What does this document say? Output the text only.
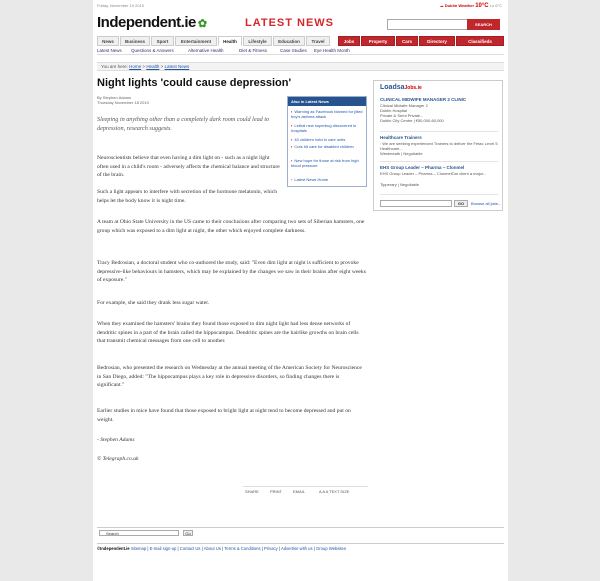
Friday, November 19 2010	☁ Dublin Weather 10°C Lo 6°C
Independent.ie ✿	LATEST NEWS	SEARCH
News	Business	Sport	Entertainment	Health	Lifestyle	Education	Travel	Jobs	Property	Cars	Directory	Classifieds
Latest News Questions & Answers	Alternative Health	Diet & Fitness	Case Studies Eye Health Month
You are here: Home > Health > Latest News
Night lights 'could cause depression'
By Stephen Adams
Thursday November 18 2010

Sleeping in anything other than a completely dark room could lead to depression, research suggests.

Neuroscientists believe that even having a dim light on - such as a night light often used in a child's room - adversely affects the chemical balance and structure of the brain.

Such a light appears to interfere with secretion of the hormone melatonin, which helps let the body know it is night time.

A team at Ohio State University in the US came to their conclusions after comparing two sets of Siberian hamsters, one group which was exposed to a dim light at night, the other which enjoyed complete darkness.

Tracy Bedrosian, a doctoral student who co-authored the study, said: "Even dim light at night is sufficient to provoke depressive-like behaviours in hamsters, which may be explained by the changes we saw in their brains after eight weeks of exposure."

For example, she said they drank less sugar water.

When they examined the hamsters' brains they found those exposed to dim night light had less dense networks of dendritic spines in a part of the brain called the hippocampus. Dendritic spines are the hairlike growths on brain cells that transmit chemical messages from one cell to another.

Bedrosian, who presented the research on Wednesday at the annual meeting of the American Society for Neuroscience in San Diego, added: "The hippocampus plays a key role in depressive disorders, so finding changes there is significant."

Earlier studies in mice have found that those exposed to bright light at night tend to become depressed and put on weight.

- Stephen Adams

© Telegraph.co.uk

Also in Latest News
▪ Warning as Facebook blamed for jilted boy's asthma attack
▪ Lethal new superbug discovered in hospitals
▪ 40 children held in care units
▪ Cuts hit care for disabled children
▪ New hope for those at risk from high blood pressure
› Latest News Home
SHARE	PRINT	EMAIL	A A A TEXT SIZE
LoadsaJobs.ie
CLINICAL MIDWIFE MANAGER 2 CLINIC
Clinical Midwife Manager 2
Dublin Hospital
Private & Semi Private...
Dublin City Centre | €50,000-60,000
Healthcare Trainers
: We are seeking experienced Trainers to deliver the Fetac Level 5 Healthcare...
Westmeath | Negotiable
EHS Group Leader – Pharma – Clonmel
EHS Group Leader – Pharma – ClonmelOur client a major...
Tipperary | Negotiable
GO	Browse all jobs...
Search	Go
©Independent.ie Sitemap | E-mail sign-up | Contact Us | About Us | Terms & Conditions | Privacy | Advertise with us | Group Websites
